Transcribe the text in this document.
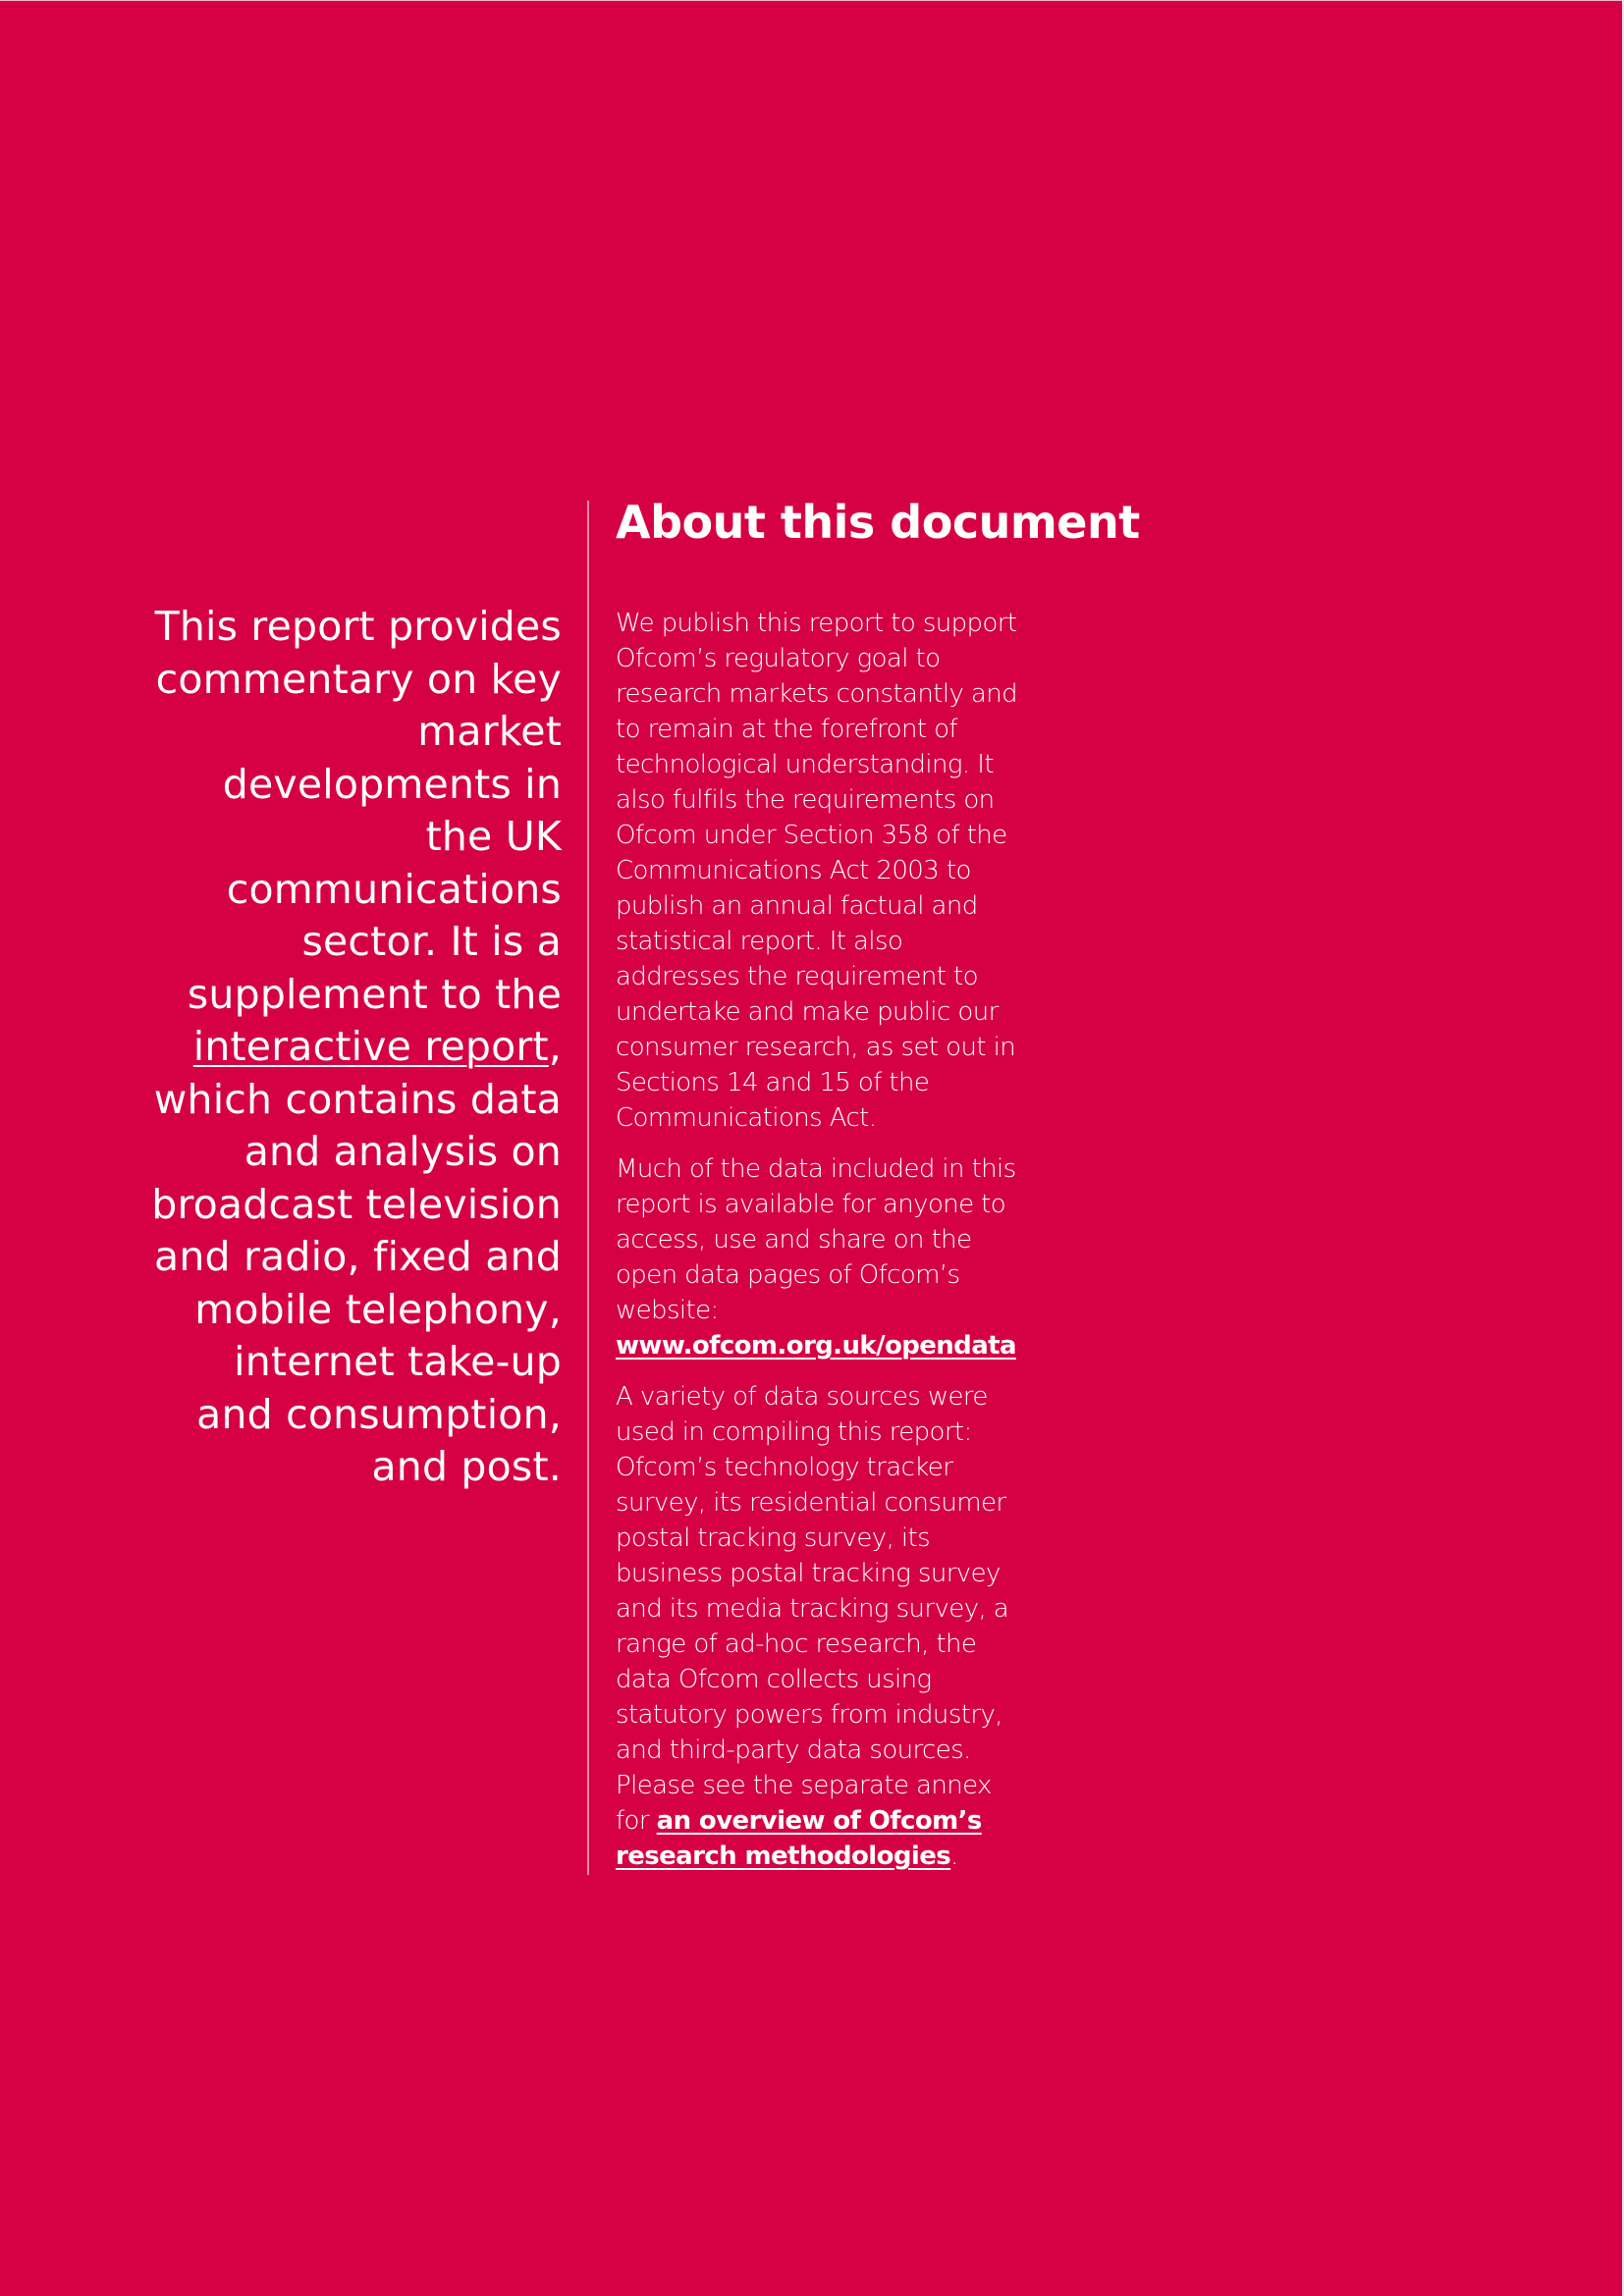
This report provides commentary on key market developments in the UK communications sector. It is a supplement to the interactive report, which contains data and analysis on broadcast television and radio, fixed and mobile telephony, internet take-up and consumption, and post.
About this document

We publish this report to support Ofcom’s regulatory goal to research markets constantly and to remain at the forefront of technological understanding. It also fulfils the requirements on Ofcom under Section 358 of the Communications Act 2003 to publish an annual factual and statistical report. It also addresses the requirement to undertake and make public our consumer research, as set out in Sections 14 and 15 of the Communications Act.

Much of the data included in this report is available for anyone to access, use and share on the open data pages of Ofcom’s website: www.ofcom.org.uk/opendata

A variety of data sources were used in compiling this report: Ofcom’s technology tracker survey, its residential consumer postal tracking survey, its business postal tracking survey and its media tracking survey, a range of ad-hoc research, the data Ofcom collects using statutory powers from industry, and third-party data sources. Please see the separate annex for an overview of Ofcom’s research methodologies.
